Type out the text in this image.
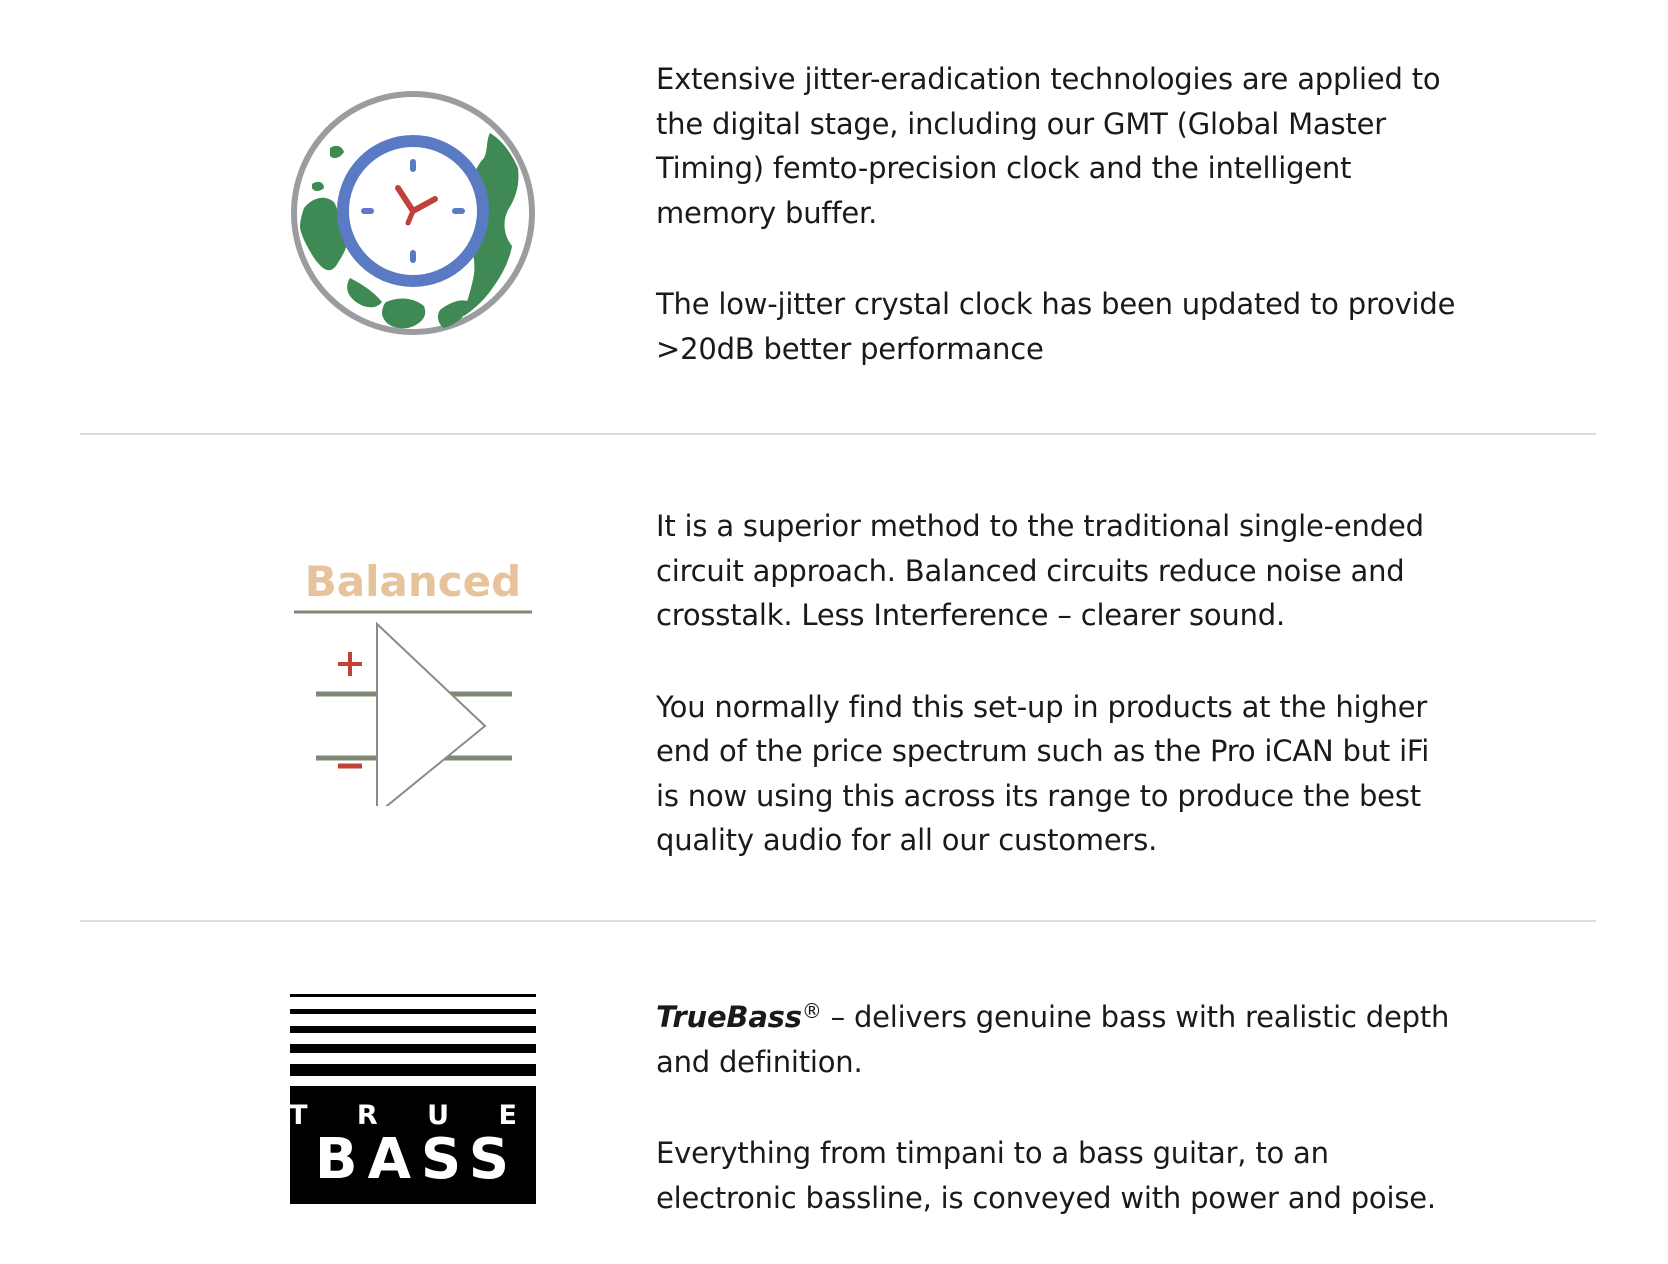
Extensive jitter-eradication technologies are applied to the digital stage, including our GMT (Global Master Timing) femto-precision clock and the intelligent memory buffer.

The low-jitter crystal clock has been updated to provide >20dB better performance

Balanced

It is a superior method to the traditional single-ended circuit approach. Balanced circuits reduce noise and crosstalk. Less Interference – clearer sound.

You normally find this set-up in products at the higher end of the price spectrum such as the Pro iCAN but iFi is now using this across its range to produce the best quality audio for all our customers.

T R U E
BASS

TrueBass® – delivers genuine bass with realistic depth and definition.

Everything from timpani to a bass guitar, to an electronic bassline, is conveyed with power and poise.
